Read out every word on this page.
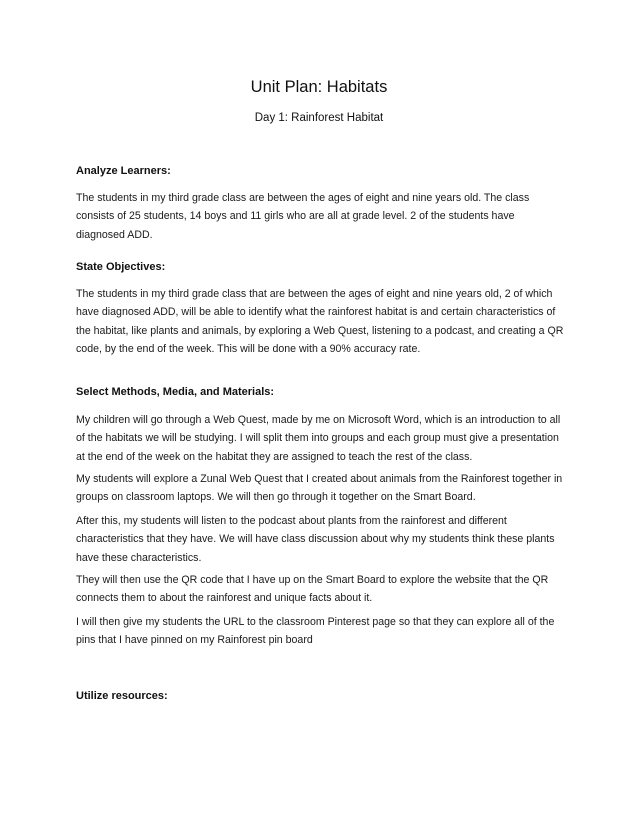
Unit Plan: Habitats
Day 1: Rainforest Habitat
Analyze Learners:

The students in my third grade class are between the ages of eight and nine years old. The class consists of 25 students, 14 boys and 11 girls who are all at grade level. 2 of the students have diagnosed ADD.

State Objectives:

The students in my third grade class that are between the ages of eight and nine years old, 2 of which have diagnosed ADD, will be able to identify what the rainforest habitat is and certain characteristics of the habitat, like plants and animals, by exploring a Web Quest, listening to a podcast, and creating a QR code, by the end of the week. This will be done with a 90% accuracy rate.

Select Methods, Media, and Materials:

My children will go through a Web Quest, made by me on Microsoft Word, which is an introduction to all of the habitats we will be studying. I will split them into groups and each group must give a presentation at the end of the week on the habitat they are assigned to teach the rest of the class.

My students will explore a Zunal Web Quest that I created about animals from the Rainforest together in groups on classroom laptops. We will then go through it together on the Smart Board.

After this, my students will listen to the podcast about plants from the rainforest and different characteristics that they have. We will have class discussion about why my students think these plants have these characteristics.

They will then use the QR code that I have up on the Smart Board to explore the website that the QR connects them to about the rainforest and unique facts about it.

I will then give my students the URL to the classroom Pinterest page so that they can explore all of the pins that I have pinned on my Rainforest pin board

Utilize resources:
